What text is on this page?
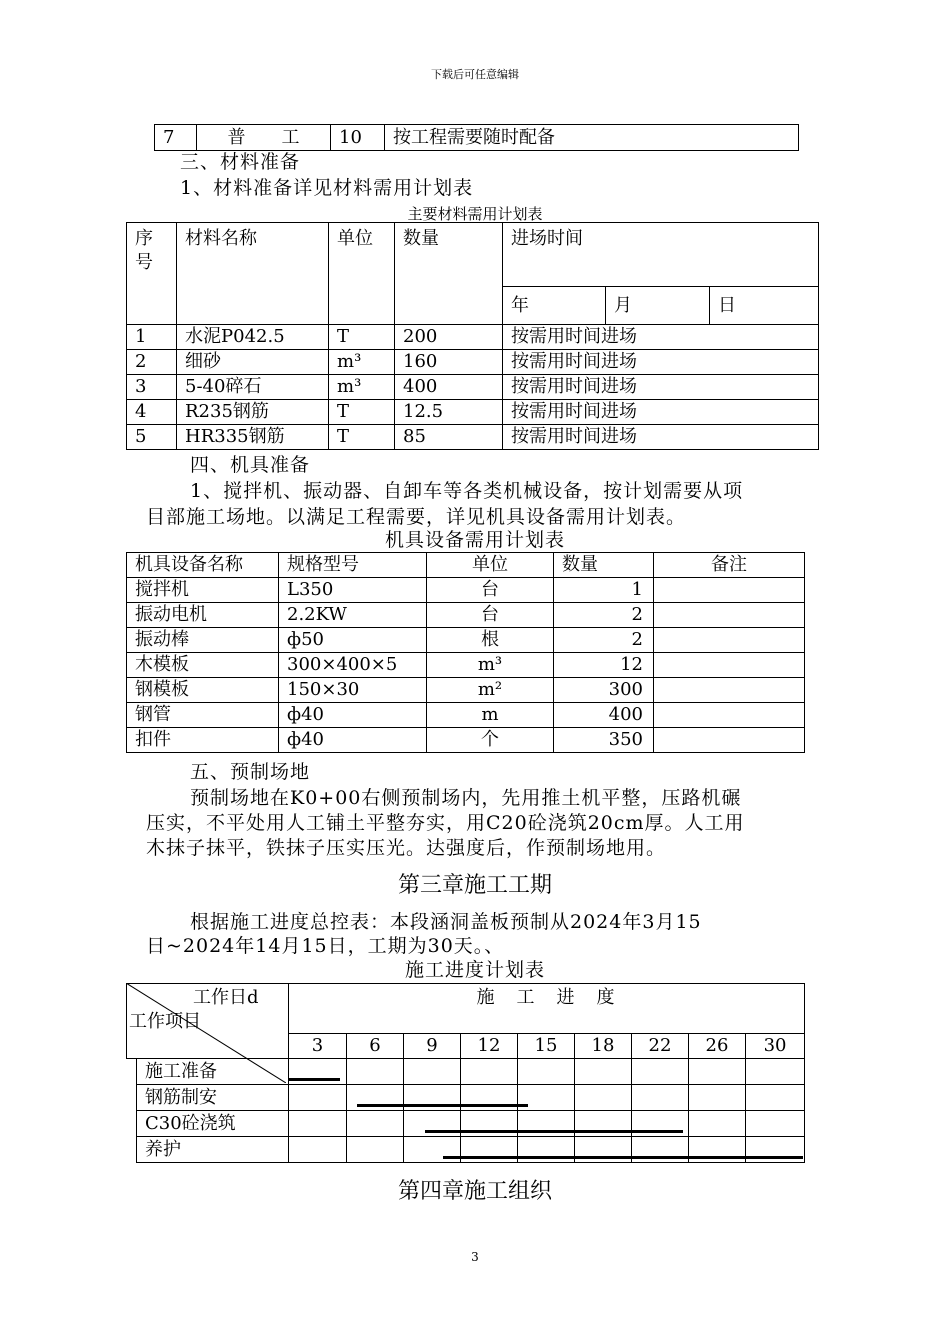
下载后可任意编辑
7	普　　工	10	按工程需要随时配备
三、材料准备
1、材料准备详见材料需用计划表
主要材料需用计划表
序
号	材料名称	单位	数量	进场时间		
				年	月	日
1	水泥P042.5	T	200	按需用时间进场		
2	细砂	m³	160	按需用时间进场		
3	5-40碎石	m³	400	按需用时间进场		
4	R235钢筋	T	12.5	按需用时间进场		
5	HR335钢筋	T	85	按需用时间进场		
四、机具准备
1、搅拌机、振动器、自卸车等各类机械设备，按计划需要从项
目部施工场地。以满足工程需要，详见机具设备需用计划表。
机具设备需用计划表
机具设备名称	规格型号	单位	数量	备注
搅拌机	L350	台	1	
振动电机	2.2KW	台	2	
振动棒	ф50	根	2	
木模板	300×400×5	m³	12	
钢模板	150×30	m²	300	
钢管	ф40	m	400	
扣件	ф40	个	350	
五、预制场地
预制场地在K0+00右侧预制场内，先用推土机平整，压路机碾
压实，不平处用人工铺土平整夯实，用C20砼浇筑20cm厚。人工用
木抹子抹平，铁抹子压实压光。达强度后，作预制场地用。
第三章施工工期
根据施工进度总控表：本段涵洞盖板预制从2024年3月15
日~2024年14月15日，工期为30天。、
施工进度计划表
工作日d
工作项目		施　工　进　度								
		3	6	9	12	15	18	22	26	30
	施工准备									
	钢筋制安									
	C30砼浇筑									
	养护									
第四章施工组织
3
